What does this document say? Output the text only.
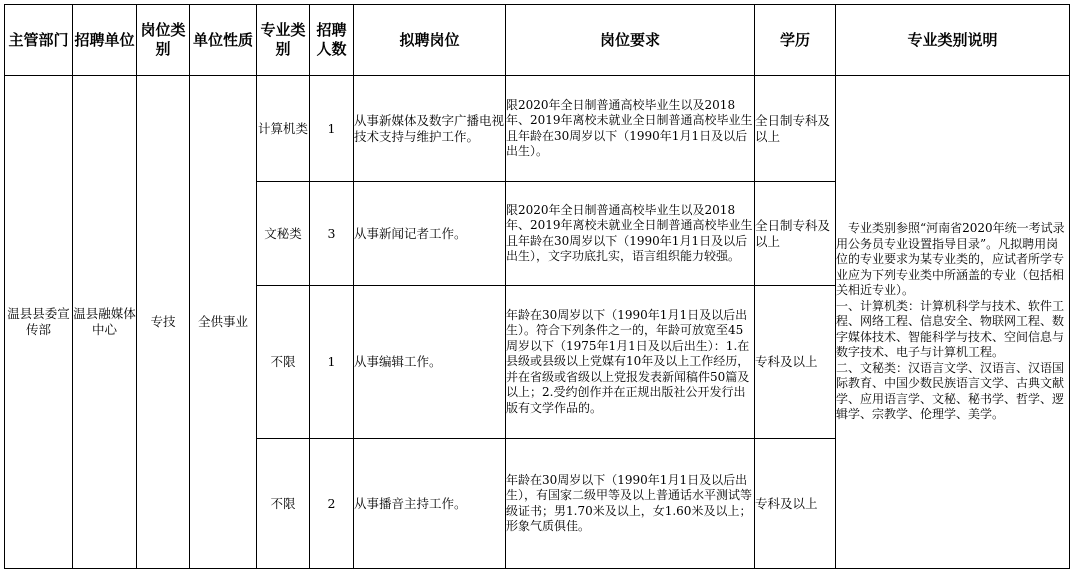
主管部门	招聘单位	岗位类别	单位性质	专业类别	招聘人数	拟聘岗位	岗位要求	学历	专业类别说明
温县县委宣传部	温县融媒体中心	专技	全供事业	计算机类	1	从事新媒体及数字广播电视技术支持与维护工作。	限2020年全日制普通高校毕业生以及2018年、2019年离校未就业全日制普通高校毕业生且年龄在30周岁以下（1990年1月1日及以后出生）。	全日制专科及以上	专业类别参照“河南省2020年统一考试录用公务员专业设置指导目录”。凡拟聘用岗位的专业要求为某专业类的，应试者所学专业应为下列专业类中所涵盖的专业（包括相关相近专业）。

一、计算机类：计算机科学与技术、软件工程、网络工程、信息安全、物联网工程、数字媒体技术、智能科学与技术、空间信息与数字技术、电子与计算机工程。

二、文秘类：汉语言文学、汉语言、汉语国际教育、中国少数民族语言文学、古典文献学、应用语言学、文秘、秘书学、哲学、逻辑学、宗教学、伦理学、美学。

				文秘类	3	从事新闻记者工作。	限2020年全日制普通高校毕业生以及2018年、2019年离校未就业全日制普通高校毕业生且年龄在30周岁以下（1990年1月1日及以后出生），文字功底扎实，语言组织能力较强。	全日制专科及以上	
				不限	1	从事编辑工作。	年龄在30周岁以下（1990年1月1日及以后出生）。符合下列条件之一的，年龄可放宽至45周岁以下（1975年1月1日及以后出生）：1.在县级或县级以上党媒有10年及以上工作经历，并在省级或省级以上党报发表新闻稿件50篇及以上；2.受约创作并在正规出版社公开发行出版有文学作品的。	专科及以上	
				不限	2	从事播音主持工作。	年龄在30周岁以下（1990年1月1日及以后出生），有国家二级甲等及以上普通话水平测试等级证书；男1.70米及以上，女1.60米及以上；形象气质俱佳。	专科及以上	
